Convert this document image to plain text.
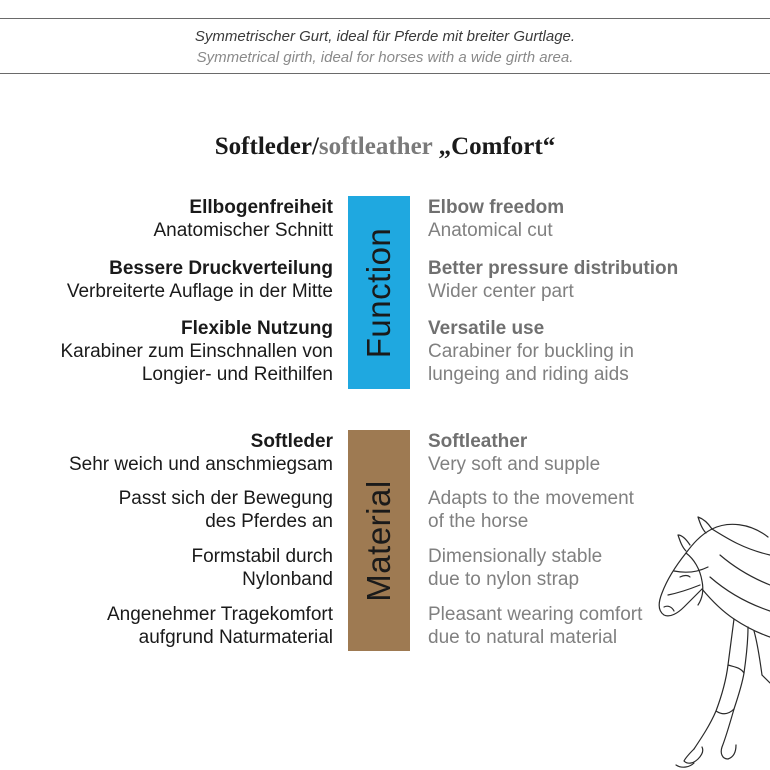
Symmetrischer Gurt, ideal für Pferde mit breiter Gurtlage.
Symmetrical girth, ideal for horses with a wide girth area.
Softleder/softleather „Comfort“
Function
Ellbogenfreiheit
Anatomischer Schnitt
Bessere Druckverteilung
Verbreiterte Auflage in der Mitte
Flexible Nutzung
Karabiner zum Einschnallen von
Longier- und Reithilfen
Elbow freedom
Anatomical cut
Better pressure distribution
Wider center part
Versatile use
Carabiner for buckling in
lungeing and riding aids
Material
Softleder
Sehr weich und anschmiegsam
Passt sich der Bewegung
des Pferdes an
Formstabil durch
Nylonband
Angenehmer Tragekomfort
aufgrund Naturmaterial
Softleather
Very soft and supple
Adapts to the movement
of the horse
Dimensionally stable
due to nylon strap
Pleasant wearing comfort
due to natural material
